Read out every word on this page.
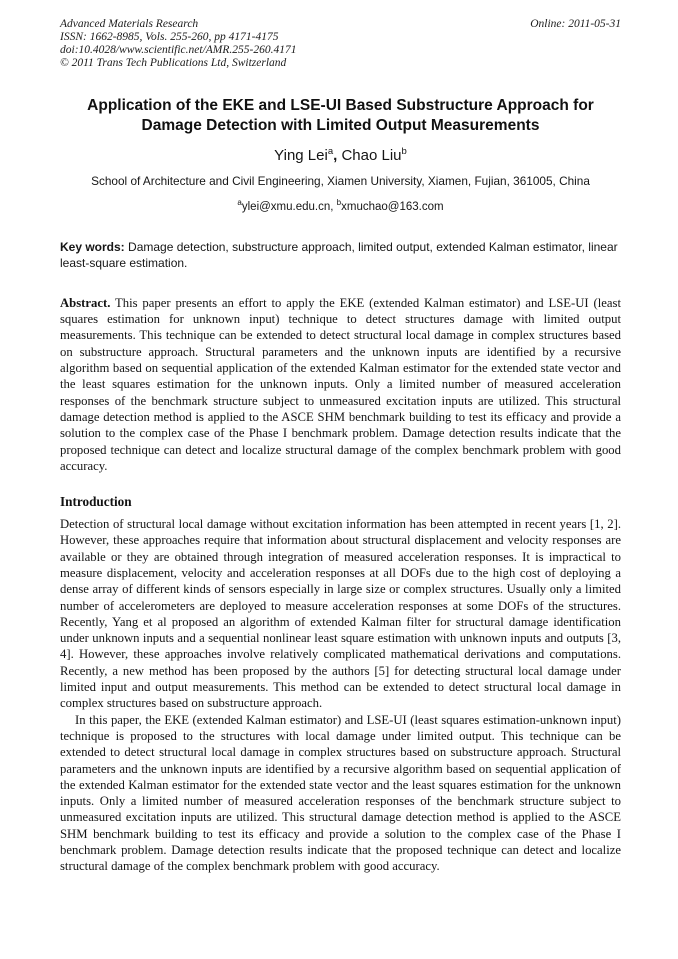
Advanced Materials Research	Online: 2011-05-31
ISSN: 1662-8985, Vols. 255-260, pp 4171-4175
doi:10.4028/www.scientific.net/AMR.255-260.4171
© 2011 Trans Tech Publications Ltd, Switzerland
Application of the EKE and LSE-UI Based Substructure Approach for Damage Detection with Limited Output Measurements
Ying Lei$^a$, Chao Liu$^b$
School of Architecture and Civil Engineering, Xiamen University, Xiamen, Fujian, 361005, China
$^a$ylei@xmu.edu.cn, $^b$xmuchao@163.com
Key words: Damage detection, substructure approach, limited output, extended Kalman estimator, linear least-square estimation.
Abstract. This paper presents an effort to apply the EKE (extended Kalman estimator) and LSE-UI (least squares estimation for unknown input) technique to detect structures damage with limited output measurements. This technique can be extended to detect structural local damage in complex structures based on substructure approach. Structural parameters and the unknown inputs are identified by a recursive algorithm based on sequential application of the extended Kalman estimator for the extended state vector and the least squares estimation for the unknown inputs. Only a limited number of measured acceleration responses of the benchmark structure subject to unmeasured excitation inputs are utilized. This structural damage detection method is applied to the ASCE SHM benchmark building to test its efficacy and provide a solution to the complex case of the Phase I benchmark problem. Damage detection results indicate that the proposed technique can detect and localize structural damage of the complex benchmark problem with good accuracy.
Introduction

Detection of structural local damage without excitation information has been attempted in recent years [1, 2]. However, these approaches require that information about structural displacement and velocity responses are available or they are obtained through integration of measured acceleration responses. It is impractical to measure displacement, velocity and acceleration responses at all DOFs due to the high cost of deploying a dense array of different kinds of sensors especially in large size or complex structures. Usually only a limited number of accelerometers are deployed to measure acceleration responses at some DOFs of the structures. Recently, Yang et al proposed an algorithm of extended Kalman filter for structural damage identification under unknown inputs and a sequential nonlinear least square estimation with unknown inputs and outputs [3, 4]. However, these approaches involve relatively complicated mathematical derivations and computations. Recently, a new method has been proposed by the authors [5] for detecting structural local damage under limited input and output measurements. This method can be extended to detect structural local damage in complex structures based on substructure approach.

In this paper, the EKE (extended Kalman estimator) and LSE-UI (least squares estimation-unknown input) technique is proposed to the structures with local damage under limited output. This technique can be extended to detect structural local damage in complex structures based on substructure approach. Structural parameters and the unknown inputs are identified by a recursive algorithm based on sequential application of the extended Kalman estimator for the extended state vector and the least squares estimation for the unknown inputs. Only a limited number of measured acceleration responses of the benchmark structure subject to unmeasured excitation inputs are utilized. This structural damage detection method is applied to the ASCE SHM benchmark building to test its efficacy and provide a solution to the complex case of the Phase I benchmark problem. Damage detection results indicate that the proposed technique can detect and localize structural damage of the complex benchmark problem with good accuracy.
